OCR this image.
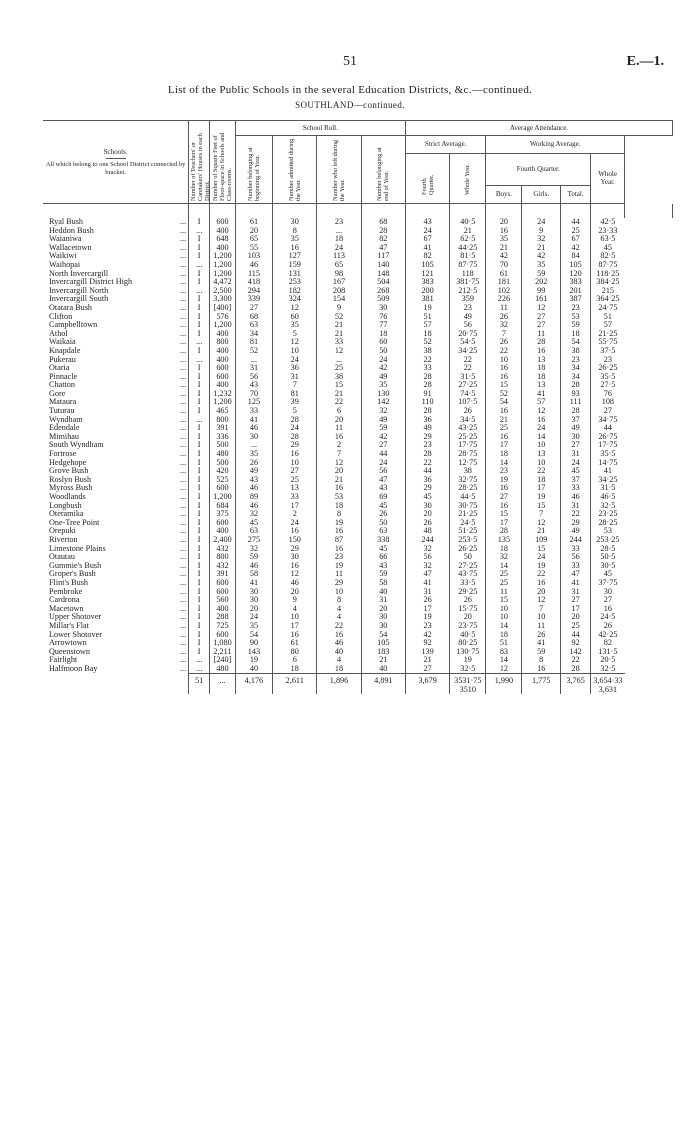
51	E.—1.
List of the Public Schools in the several Education Districts, &c.—continued.
SOUTHLAND—continued.
Schools.
All which belong to one School District connected by bracket.	Number of Teachers' or Caretakers' Houses in each District.	Number of Square Feet of Floor-space in Schools and Class-rooms.	School Roll.				Average Attendance.						
			Number belonging at beginning of Year.	Number admitted during the Year.	Number who left during the Year.	Number belonging at end of Year.	Strict Average.		Working Average.				
							Fourth Quarter.	Whole Year.	Fourth Quarter.			Whole Year.	
									Boys.	Girls.	Total.		

Ryal Bush ...	I	600	61	30	23	68	43	40·5	20	24	44	42·5	

Heddon Bush ...	...	400	20	8	...	28	24	21	16	9	25	23·33	

Waianiwa ...	I	648	65	35	18	82	67	62·5	35	32	67	63·5	

Wallacetown ...	I	400	55	16	24	47	41	44·25	21	21	42	45	

Waikiwi ...	I	1,200	103	127	113	117	82	81·5	42	42	84	82·5	

Waihopai ...	...	1,200	46	159	65	140	105	87·75	70	35	105	87·75	

North Invercargill ...	I	1,200	115	131	98	148	121	118	61	59	120	118·25	

Invercargill District High ...	I	4,472	418	253	167	504	383	381·75	181	202	383	384·25	

Invercargill North ...	...	2,500	294	182	208	268	200	212·5	102	99	201	215	

Invercargill South ...	I	3,300	339	324	154	509	381	359	226	161	387	364·25	

Otatara Bush ...	I	[400]	27	12	9	30	19	23	11	12	23	24·75	

Clifton ...	I	576	68	60	52	76	51	49	26	27	53	51	

Campbelltown ...	I	1,200	63	35	21	77	57	56	32	27	59	57	

Athol ...	I	400	34	5	21	18	18	20·75	7	11	18	21·25	

Waikaia ...	...	800	81	12	33	60	52	54·5	26	28	54	55·75	

Knapdale ...	I	400	52	10	12	50	38	34·25	22	16	38	37·5	

Pukerau ...	...	400	...	24	...	24	22	22	10	13	23	23	

Otaria ...	I	600	31	36	25	42	33	22	16	18	34	26·25	

Pinnacle ...	I	600	56	31	38	49	28	31·5	16	18	34	35·5	

Chatton ...	I	400	43	7	15	35	28	27·25	15	13	28	27·5	

Gore ...	I	1,232	70	81	21	130	91	74·5	52	41	93	76	

Mataura ...	I	1,200	125	39	22	142	110	107·5	54	57	111	108	

Tuturau ...	I	465	33	5	6	32	28	26	16	12	28	27	

Wyndham ...	...	800	41	28	20	49	36	34·5	21	16	37	34·75	

Edendale ...	I	391	46	24	11	59	49	43·25	25	24	49	44	

Mimihau ...	I	336	30	28	16	42	29	25·25	16	14	30	26·75	

South Wyndham ...	I	500	...	29	2	27	23	17·75	17	10	27	17·75	

Fortrose ...	I	480	35	16	7	44	28	28·75	18	13	31	35·5	

Hedgehope ...	I	500	26	10	12	24	22	12·75	14	10	24	14·75	

Grove Bush ...	I	420	49	27	20	56	44	38	23	22	45	41	

Roslyn Bush ...	I	525	43	25	21	47	36	32·75	19	18	37	34·25	

Myross Bush ...	I	600	46	13	16	43	29	28·25	16	17	33	31·5	

Woodlands ...	I	1,200	89	33	53	69	45	44·5	27	19	46	46·5	

Longbush ...	I	684	46	17	18	45	30	30·75	16	15	31	32·5	

Oteramika ...	I	375	32	2	8	26	20	21·25	15	7	22	23·25	

One-Tree Point ...	I	600	45	24	19	50	26	24·5	17	12	29	28·25	

Orepuki ...	I	400	63	16	16	63	48	51·25	28	21	49	53	

Riverton ...	I	2,400	275	150	87	338	244	253·5	135	109	244	253·25	

Limestone Plains ...	I	432	32	29	16	45	32	26·25	18	15	33	28·5	

Otautau ...	I	800	59	30	23	66	56	50	32	24	56	50·5	

Gummie's Bush ...	I	432	46	16	19	43	32	27·25	14	19	33	30·5	

Groper's Bush ...	I	391	58	12	11	59	47	43·75	25	22	47	45	

Flint's Bush ...	I	600	41	46	29	58	41	33·5	25	16	41	37·75	

Pembroke ...	I	600	30	20	10	40	31	29·25	11	20	31	30	

Cardrona ...	I	560	30	9	8	31	26	26	15	12	27	27	

Macetown ...	I	400	20	4	4	20	17	15·75	10	7	17	16	

Upper Shotover ...	I	288	24	10	4	30	19	20	10	10	20	24·5	

Millar's Flat ...	I	725	35	17	22	30	23	23·75	14	11	25	26	

Lower Shotover ...	I	600	54	16	16	54	42	40·5	18	26	44	42·25	

Arrowtown ...	I	1,080	90	61	46	105	92	80·25	51	41	92	82	

Queenstown ...	I	2,211	143	80	40	183	139	130·75	83	59	142	131·5	

Fairlight ...	...	[240]	19	6	4	21	21	19	14	8	22	20·5	

Halfmoon Bay ...	...	480	40	18	18	40	27	32·5	12	16	28	32·5	
	51	...	4,176	2,611	1,896	4,891	3,679	3531·75	1,990	1,775	3,765	3,654·33	
								3510				3,631	
